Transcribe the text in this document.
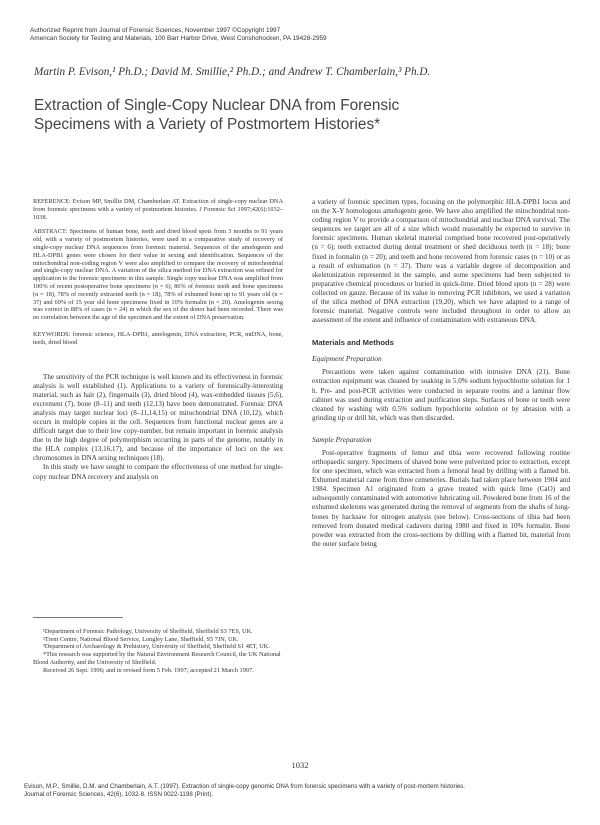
Authorized Reprint from Journal of Forensic Sciences, November 1997 ©Copyright 1997
American Society for Testing and Materials, 100 Barr Harbor Drive, West Conshohocken, PA 19428-2959
Martin P. Evison,¹ Ph.D.; David M. Smillie,² Ph.D.; and Andrew T. Chamberlain,³ Ph.D.
Extraction of Single-Copy Nuclear DNA from Forensic
Specimens with a Variety of Postmortem Histories*

REFERENCE: Evison MP, Smillie DM, Chamberlain AT. Extraction of single-copy nuclear DNA from forensic specimens with a variety of postmortem histories. J Forensic Sci 1997;42(6):1032–1038.

ABSTRACT: Specimens of human bone, teeth and dried blood spots from 3 months to 91 years old, with a variety of postmortem histories, were used in a comparative study of recovery of single-copy nuclear DNA sequences from forensic material. Sequences of the amelogenin and HLA-DPB1 genes were chosen for their value in sexing and identification. Sequences of the mitochondrial non-coding region V were also amplified to compare the recovery of mitochondrial and single-copy nuclear DNA. A variation of the silica method for DNA extraction was refined for application to the forensic specimens in this sample. Single copy nuclear DNA was amplified from 100% of recent postoperative bone specimens (n = 6), 86% of forensic teeth and bone specimens (n = 18), 78% of recently extracted teeth (n = 18), 78% of exhumed bone up to 91 years old (n = 37) and 69% of 15 year old bone specimens fixed in 10% formalin (n = 20). Amelogenin sexing was correct in 88% of cases (n = 24) in which the sex of the donor had been recorded. There was no correlation between the age of the specimen and the extent of DNA preservation.

KEYWORDS: forensic science, HLA-DPB1, amelogenin, DNA extraction, PCR, mtDNA, bone, teeth, dried blood

The sensitivity of the PCR technique is well known and its effectiveness in forensic analysis is well established (1). Applications to a variety of forensically-interesting material, such as hair (2), fingernails (3), dried blood (4), wax-embedded tissues (5,6), excrement (7), bone (8–11) and teeth (12,13) have been demonstrated. Forensic DNA analysis may target nuclear loci (8–11,14,15) or mitochondrial DNA (10,12), which occurs in multiple copies in the cell. Sequences from functional nuclear genes are a difficult target due to their low copy-number, but remain important in forensic analysis due to the high degree of polymorphism occurring in parts of the genome, notably in the HLA complex (13,16,17), and because of the importance of loci on the sex chromosomes in DNA sexing techniques (18).

In this study we have sought to compare the effectiveness of one method for single-copy nuclear DNA recovery and analysis on

¹Department of Forensic Pathology, University of Sheffield, Sheffield S3 7ES, UK.

²Trent Centre, National Blood Service, Longley Lane, Sheffield, S5 7JN, UK.

³Department of Archaeology & Prehistory, University of Sheffield, Sheffield S1 4ET, UK.

*This research was supported by the Natural Environment Research Council, the UK National Blood Authority, and the University of Sheffield.

Received 26 Sept. 1996; and in revised form 5 Feb. 1997; accepted 21 March 1997.

a variety of forensic specimen types, focusing on the polymorphic HLA-DPB1 locus and on the X-Y homologous amelogenin gene. We have also amplified the mitochondrial non-coding region V to provide a comparison of mitochondrial and nuclear DNA survival. The sequences we target are all of a size which would reasonably be expected to survive in forensic specimens. Human skeletal material comprised bone recovered post-operatively (n = 6); teeth extracted during dental treatment or shed deciduous teeth (n = 18); bone fixed in formalin (n = 20); and teeth and bone recovered from forensic cases (n = 10) or as a result of exhumation (n = 37). There was a variable degree of decomposition and skeletonization represented in the sample, and some specimens had been subjected to preparative chemical procedures or buried in quick-lime. Dried blood spots (n = 28) were collected on gauze. Because of its value in removing PCR inhibitors, we used a variation of the silica method of DNA extraction (19,20), which we have adapted to a range of forensic material. Negative controls were included throughout in order to allow an assessment of the extent and influence of contamination with extraneous DNA.

Materials and Methods
Equipment Preparation

Precautions were taken against contamination with intrusive DNA (21). Bone extraction equipment was cleaned by soaking in 5.0% sodium hypochlorite solution for 1 h. Pre- and post-PCR activities were conducted in separate rooms and a laminar flow cabinet was used during extraction and purification steps. Surfaces of bone or teeth were cleaned by washing with 0.5% sodium hypochlorite solution or by abrasion with a grinding tip or drill bit, which was then discarded.

Sample Preparation

Post-operative fragments of femur and tibia were recovered following routine orthopaedic surgery. Specimens of shaved bone were pulverized prior to extraction, except for one specimen, which was extracted from a femoral head by drilling with a flamed bit. Exhumed material came from three cemeteries. Burials had taken place between 1904 and 1984. Specimen A1 originated from a grave treated with quick lime (CaO) and subsequently contaminated with automotive lubricating oil. Powdered bone from 16 of the exhumed skeletons was generated during the removal of segments from the shafts of long-bones by hacksaw for nitrogen analysis (see below). Cross-sections of tibia had been removed from donated medical cadavers during 1980 and fixed in 10% formalin. Bone powder was extracted from the cross-sections by drilling with a flamed bit, material from the outer surface being

1032
Evison, M.P., Smillie, D.M. and Chamberlain, A.T. (1997). Extraction of single-copy genomic DNA from forensic specimens with a variety of post-mortem histories.
Journal of Forensic Sciences, 42(6), 1032-8. ISSN 0022-1198 (Print).
